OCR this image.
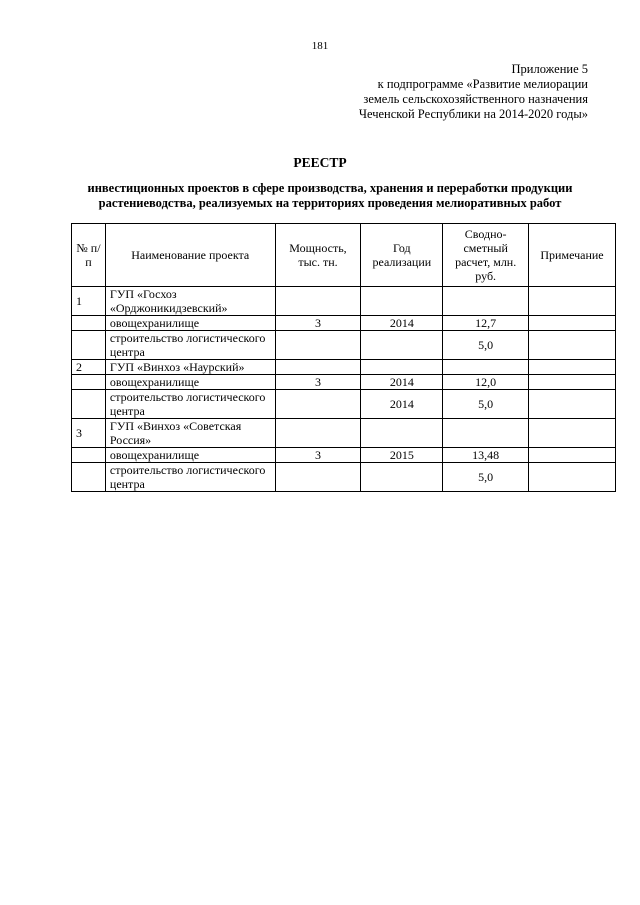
181
Приложение 5
к подпрограмме «Развитие мелиорации
земель сельскохозяйственного назначения
Чеченской Республики на 2014-2020 годы»
РЕЕСТР
инвестиционных проектов в сфере производства, хранения и переработки продукции
растениеводства, реализуемых на территориях проведения мелиоративных работ
№ п/п	Наименование проекта	Мощность, тыс. тн.	Год реализации	Сводно-сметный расчет, млн. руб.	Примечание
1	ГУП «Госхоз «Орджоникидзевский»				
	овощехранилище	3	2014	12,7	
	строительство логистического центра			5,0	
2	ГУП «Винхоз «Наурский»				
	овощехранилище	3	2014	12,0	
	строительство логистического центра		2014	5,0	
3	ГУП «Винхоз «Советская Россия»				
	овощехранилище	3	2015	13,48	
	строительство логистического центра			5,0	
